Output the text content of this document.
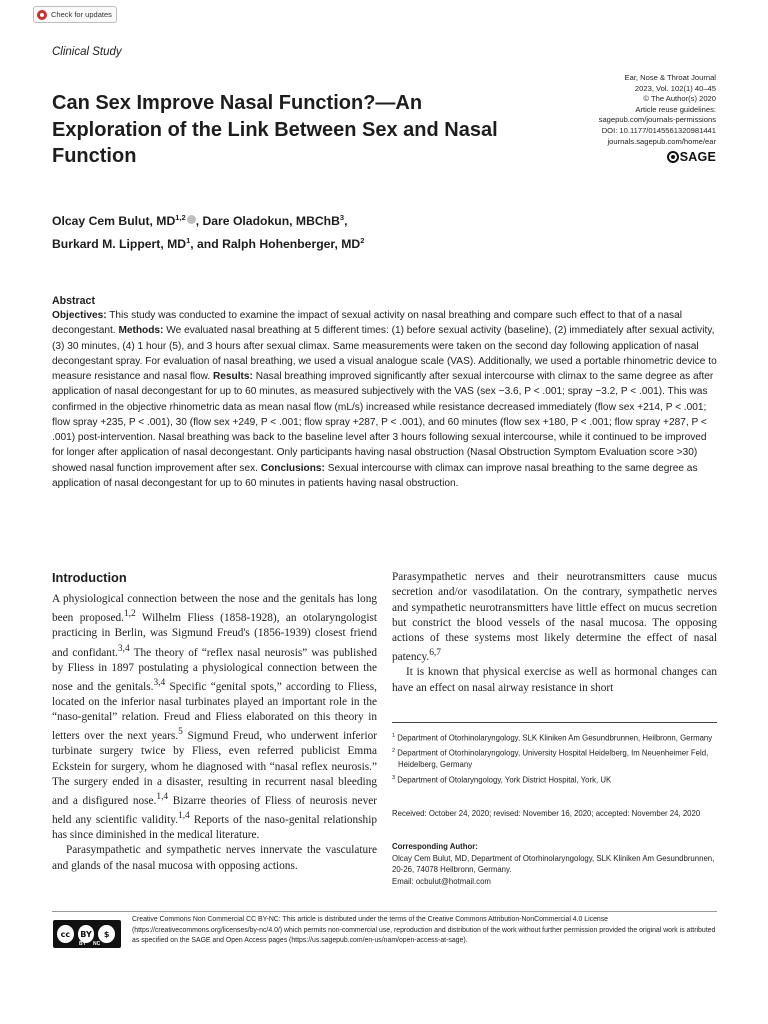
Check for updates
Clinical Study
Ear, Nose & Throat Journal
2023, Vol. 102(1) 40–45
© The Author(s) 2020
Article reuse guidelines:
sagepub.com/journals-permissions
DOI: 10.1177/0145561320981441
journals.sagepub.com/home/ear
SAGE
Can Sex Improve Nasal Function?—An Exploration of the Link Between Sex and Nasal Function
Olcay Cem Bulut, MD$^{1,2}$ , Dare Oladokun, MBChB$^3$,
Burkard M. Lippert, $MD^1$, and Ralph Hohenberger, $MD^2$
Abstract
Objectives: This study was conducted to examine the impact of sexual activity on nasal breathing and compare such effect to that of a nasal decongestant. Methods: We evaluated nasal breathing at 5 different times: (1) before sexual activity (baseline), (2) immediately after sexual activity, (3) 30 minutes, (4) 1 hour (5), and 3 hours after sexual climax. Same measurements were taken on the second day following application of nasal decongestant spray. For evaluation of nasal breathing, we used a visual analogue scale (VAS). Additionally, we used a portable rhinometric device to measure resistance and nasal flow. Results: Nasal breathing improved significantly after sexual intercourse with climax to the same degree as after application of nasal decongestant for up to 60 minutes, as measured subjectively with the VAS (sex −3.6, P < .001; spray −3.2, P < .001). This was confirmed in the objective rhinometric data as mean nasal flow (mL/s) increased while resistance decreased immediately (flow sex +214, P < .001; flow spray +235, P < .001), 30 (flow sex +249, P < .001; flow spray +287, P < .001), and 60 minutes (flow sex +180, P < .001; flow spray +287, P < .001) post-intervention. Nasal breathing was back to the baseline level after 3 hours following sexual intercourse, while it continued to be improved for longer after application of nasal decongestant. Only participants having nasal obstruction (Nasal Obstruction Symptom Evaluation score >30) showed nasal function improvement after sex. Conclusions: Sexual intercourse with climax can improve nasal breathing to the same degree as application of nasal decongestant for up to 60 minutes in patients having nasal obstruction.
Introduction

A physiological connection between the nose and the genitals has long been proposed.$^{1,2}$ Wilhelm Fliess (1858-1928), an otolaryngologist practicing in Berlin, was Sigmund Freud's (1856-1939) closest friend and confidant.$^{3,4}$ The theory of “reflex nasal neurosis” was published by Fliess in 1897 postulating a physiological connection between the nose and the genitals.$^{3,4}$ Specific “genital spots,” according to Fliess, located on the inferior nasal turbinates played an important role in the “naso-genital” relation. Freud and Fliess elaborated on this theory in letters over the next years.$^5$ Sigmund Freud, who underwent inferior turbinate surgery twice by Fliess, even referred publicist Emma Eckstein for surgery, whom he diagnosed with “nasal reflex neurosis.” The surgery ended in a disaster, resulting in recurrent nasal bleeding and a disfigured nose.$^{1,4}$ Bizarre theories of Fliess of neurosis never held any scientific validity.$^{1,4}$ Reports of the naso-genital relationship has since diminished in the medical literature.

Parasympathetic and sympathetic nerves innervate the vasculature and glands of the nasal mucosa with opposing actions.

Parasympathetic nerves and their neurotransmitters cause mucus secretion and/or vasodilatation. On the contrary, sympathetic nerves and sympathetic neurotransmitters have little effect on mucus secretion but constrict the blood vessels of the nasal mucosa. The opposing actions of these systems most likely determine the effect of nasal patency.$^{6,7}$

It is known that physical exercise as well as hormonal changes can have an effect on nasal airway resistance in short

$^1$ Department of Otorhinolaryngology, SLK Kliniken Am Gesundbrunnen, Heilbronn, Germany
$^2$ Department of Otorhinolaryngology, University Hospital Heidelberg, Im Neuenheimer Feld, Heidelberg, Germany
$^3$ Department of Otolaryngology, York District Hospital, York, UK
Received: October 24, 2020; revised: November 16, 2020; accepted: November 24, 2020
Corresponding Author:
Olcay Cem Bulut, MD, Department of Otorhinolaryngology, SLK Kliniken Am Gesundbrunnen, 20-26, 74078 Heilbronn, Germany.
Email: ocbulut@hotmail.com
cc	BY	$
BY NC
Creative Commons Non Commercial CC BY-NC: This article is distributed under the terms of the Creative Commons Attribution-NonCommercial 4.0 License (https://creativecommons.org/licenses/by-nc/4.0/) which permits non-commercial use, reproduction and distribution of the work without further permission provided the original work is attributed as specified on the SAGE and Open Access pages (https://us.sagepub.com/en-us/nam/open-access-at-sage).
